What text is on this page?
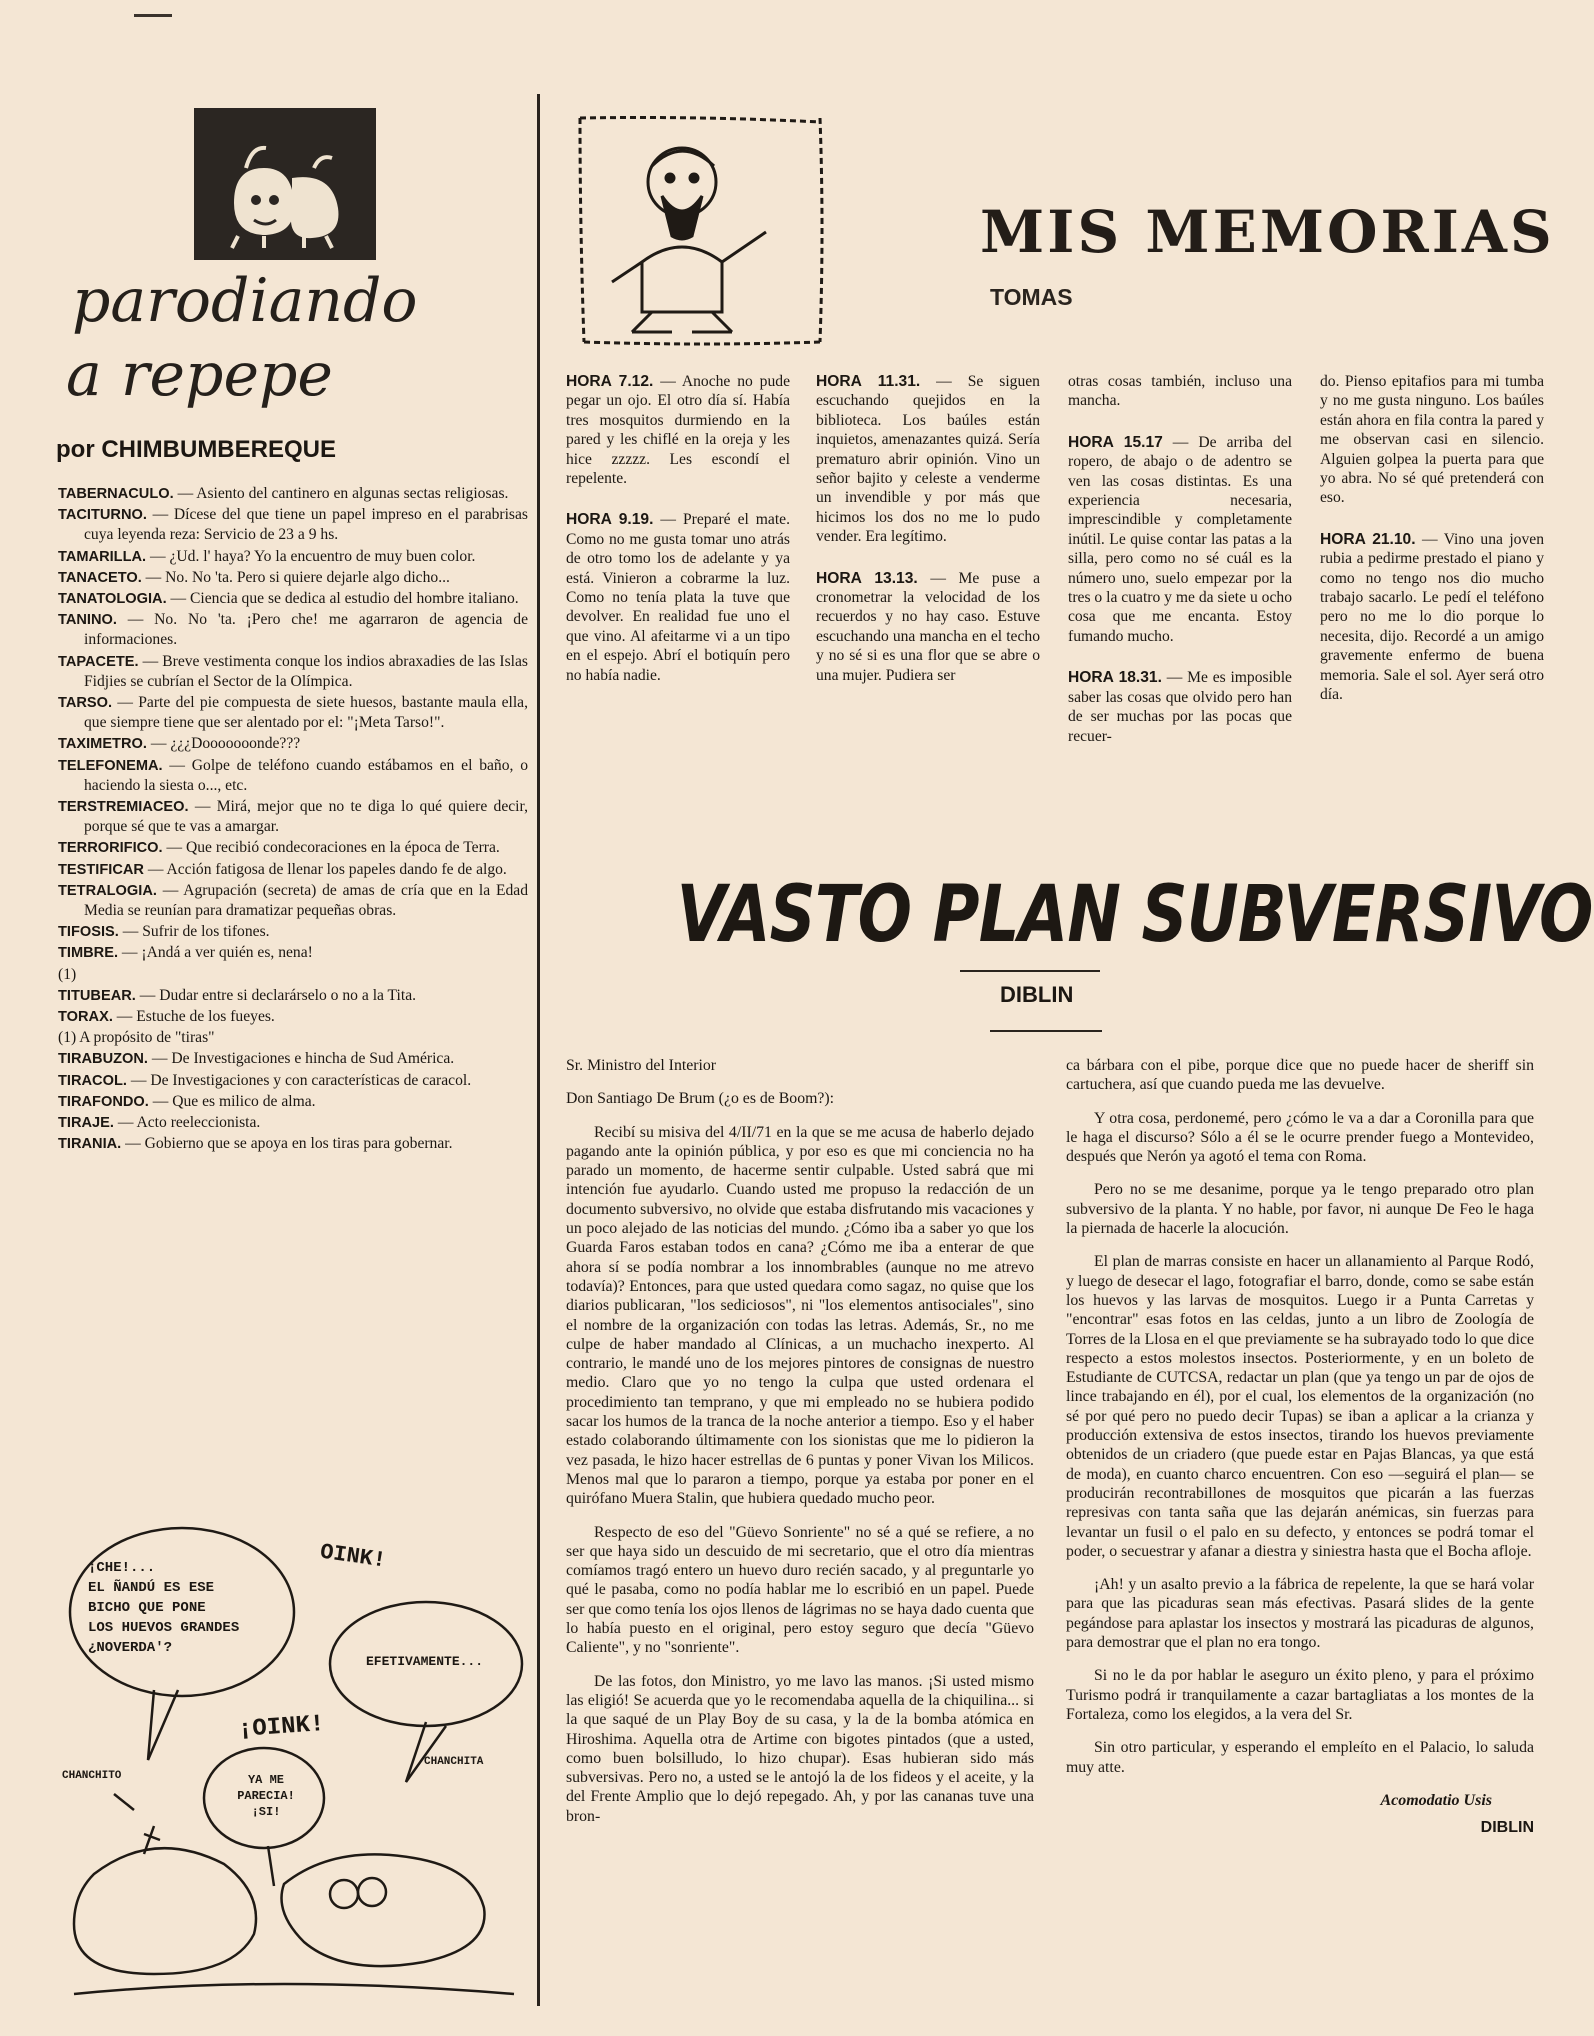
parodiando
a repepe
por CHIMBUMBEREQUE

TABERNACULO. — Asiento del cantinero en algunas sectas religiosas.

TACITURNO. — Dícese del que tiene un papel impreso en el parabrisas cuya leyenda reza: Servicio de 23 a 9 hs.

TAMARILLA. — ¿Ud. l' haya? Yo la encuentro de muy buen color.

TANACETO. — No. No 'ta. Pero si quiere dejarle algo dicho...

TANATOLOGIA. — Ciencia que se dedica al estudio del hombre italiano.

TANINO. — No. No 'ta. ¡Pero che! me agarraron de agencia de informaciones.

TAPACETE. — Breve vestimenta conque los indios abraxadies de las Islas Fidjies se cubrían el Sector de la Olímpica.

TARSO. — Parte del pie compuesta de siete huesos, bastante maula ella, que siempre tiene que ser alentado por el: "¡Meta Tarso!".

TAXIMETRO. — ¿¿¿Dooooooonde???

TELEFONEMA. — Golpe de teléfono cuando estábamos en el baño, o haciendo la siesta o..., etc.

TERSTREMIACEO. — Mirá, mejor que no te diga lo qué quiere decir, porque sé que te vas a amargar.

TERRORIFICO. — Que recibió condecoraciones en la época de Terra.

TESTIFICAR — Acción fatigosa de llenar los papeles dando fe de algo.

TETRALOGIA. — Agrupación (secreta) de amas de cría que en la Edad Media se reunían para dramatizar pequeñas obras.

TIFOSIS. — Sufrir de los tifones.

TIMBRE. — ¡Andá a ver quién es, nena!

(1)

TITUBEAR. — Dudar entre si declarárselo o no a la Tita.

TORAX. — Estuche de los fueyes.

(1) A propósito de "tiras"

TIRABUZON. — De Investigaciones e hincha de Sud América.

TIRACOL. — De Investigaciones y con características de caracol.

TIRAFONDO. — Que es milico de alma.

TIRAJE. — Acto reeleccionista.

TIRANIA. — Gobierno que se apoya en los tiras para gobernar.

¡CHE!...
EL ÑANDÚ ES ESE
BICHO QUE PONE
LOS HUEVOS GRANDES
¿NOVERDA'?
OINK!
EFETIVAMENTE...
¡OINK!
CHANCHITO
CHANCHITA
YA ME
PARECIA!
¡SI!
MIS MEMORIAS
TOMAS

HORA 7.12. — Anoche no pude pegar un ojo. El otro día sí. Había tres mosquitos durmiendo en la pared y les chiflé en la oreja y les hice zzzzz. Les escondí el repelente.

HORA 9.19. — Preparé el mate. Como no me gusta tomar uno atrás de otro tomo los de adelante y ya está. Vinieron a cobrarme la luz. Como no tenía plata la tuve que devolver. En realidad fue uno el que vino. Al afeitarme vi a un tipo en el espejo. Abrí el botiquín pero no había nadie.

HORA 11.31. — Se siguen escuchando quejidos en la biblioteca. Los baúles están inquietos, amenazantes quizá. Sería prematuro abrir opinión. Vino un señor bajito y celeste a venderme un invendible y por más que hicimos los dos no me lo pudo vender. Era legítimo.

HORA 13.13. — Me puse a cronometrar la velocidad de los recuerdos y no hay caso. Estuve escuchando una mancha en el techo y no sé si es una flor que se abre o una mujer. Pudiera ser

otras cosas también, incluso una mancha.

HORA 15.17 — De arriba del ropero, de abajo o de adentro se ven las cosas distintas. Es una experiencia necesaria, imprescindible y completamente inútil. Le quise contar las patas a la silla, pero como no sé cuál es la número uno, suelo empezar por la tres o la cuatro y me da siete u ocho cosa que me encanta. Estoy fumando mucho.

HORA 18.31. — Me es imposible saber las cosas que olvido pero han de ser muchas por las pocas que recuer-

do. Pienso epitafios para mi tumba y no me gusta ninguno. Los baúles están ahora en fila contra la pared y me observan casi en silencio. Alguien golpea la puerta para que yo abra. No sé qué pretenderá con eso.

HORA 21.10. — Vino una joven rubia a pedirme prestado el piano y como no tengo nos dio mucho trabajo sacarlo. Le pedí el teléfono pero no me lo dio porque lo necesita, dijo. Recordé a un amigo gravemente enfermo de buena memoria. Sale el sol. Ayer será otro día.

VASTO PLAN SUBVERSIVO
DIBLIN

Sr. Ministro del Interior

Don Santiago De Brum (¿o es de Boom?):

Recibí su misiva del 4/II/71 en la que se me acusa de haberlo dejado pagando ante la opinión pública, y por eso es que mi conciencia no ha parado un momento, de hacerme sentir culpable. Usted sabrá que mi intención fue ayudarlo. Cuando usted me propuso la redacción de un documento subversivo, no olvide que estaba disfrutando mis vacaciones y un poco alejado de las noticias del mundo. ¿Cómo iba a saber yo que los Guarda Faros estaban todos en cana? ¿Cómo me iba a enterar de que ahora sí se podía nombrar a los innombrables (aunque no me atrevo todavía)? Entonces, para que usted quedara como sagaz, no quise que los diarios publicaran, "los sediciosos", ni "los elementos antisociales", sino el nombre de la organización con todas las letras. Además, Sr., no me culpe de haber mandado al Clínicas, a un muchacho inexperto. Al contrario, le mandé uno de los mejores pintores de consignas de nuestro medio. Claro que yo no tengo la culpa que usted ordenara el procedimiento tan temprano, y que mi empleado no se hubiera podido sacar los humos de la tranca de la noche anterior a tiempo. Eso y el haber estado colaborando últimamente con los sionistas que me lo pidieron la vez pasada, le hizo hacer estrellas de 6 puntas y poner Vivan los Milicos. Menos mal que lo pararon a tiempo, porque ya estaba por poner en el quirófano Muera Stalin, que hubiera quedado mucho peor.

Respecto de eso del "Güevo Sonriente" no sé a qué se refiere, a no ser que haya sido un descuido de mi secretario, que el otro día mientras comíamos tragó entero un huevo duro recién sacado, y al preguntarle yo qué le pasaba, como no podía hablar me lo escribió en un papel. Puede ser que como tenía los ojos llenos de lágrimas no se haya dado cuenta que lo había puesto en el original, pero estoy seguro que decía "Güevo Caliente", y no "sonriente".

De las fotos, don Ministro, yo me lavo las manos. ¡Si usted mismo las eligió! Se acuerda que yo le recomendaba aquella de la chiquilina... si la que saqué de un Play Boy de su casa, y la de la bomba atómica en Hiroshima. Aquella otra de Artime con bigotes pintados (que a usted, como buen bolsilludo, lo hizo chupar). Esas hubieran sido más subversivas. Pero no, a usted se le antojó la de los fideos y el aceite, y la del Frente Amplio que lo dejó repegado. Ah, y por las cananas tuve una bron-

ca bárbara con el pibe, porque dice que no puede hacer de sheriff sin cartuchera, así que cuando pueda me las devuelve.

Y otra cosa, perdonemé, pero ¿cómo le va a dar a Coronilla para que le haga el discurso? Sólo a él se le ocurre prender fuego a Montevideo, después que Nerón ya agotó el tema con Roma.

Pero no se me desanime, porque ya le tengo preparado otro plan subversivo de la planta. Y no hable, por favor, ni aunque De Feo le haga la piernada de hacerle la alocución.

El plan de marras consiste en hacer un allanamiento al Parque Rodó, y luego de desecar el lago, fotografiar el barro, donde, como se sabe están los huevos y las larvas de mosquitos. Luego ir a Punta Carretas y "encontrar" esas fotos en las celdas, junto a un libro de Zoología de Torres de la Llosa en el que previamente se ha subrayado todo lo que dice respecto a estos molestos insectos. Posteriormente, y en un boleto de Estudiante de CUTCSA, redactar un plan (que ya tengo un par de ojos de lince trabajando en él), por el cual, los elementos de la organización (no sé por qué pero no puedo decir Tupas) se iban a aplicar a la crianza y producción extensiva de estos insectos, tirando los huevos previamente obtenidos de un criadero (que puede estar en Pajas Blancas, ya que está de moda), en cuanto charco encuentren. Con eso —seguirá el plan— se producirán recontrabillones de mosquitos que picarán a las fuerzas represivas con tanta saña que las dejarán anémicas, sin fuerzas para levantar un fusil o el palo en su defecto, y entonces se podrá tomar el poder, o secuestrar y afanar a diestra y siniestra hasta que el Bocha afloje.

¡Ah! y un asalto previo a la fábrica de repelente, la que se hará volar para que las picaduras sean más efectivas. Pasará slides de la gente pegándose para aplastar los insectos y mostrará las picaduras de algunos, para demostrar que el plan no era tongo.

Si no le da por hablar le aseguro un éxito pleno, y para el próximo Turismo podrá ir tranquilamente a cazar bartagliatas a los montes de la Fortaleza, como los elegidos, a la vera del Sr.

Sin otro particular, y esperando el empleíto en el Palacio, lo saluda muy atte.

Acomodatio Usis

DIBLIN
